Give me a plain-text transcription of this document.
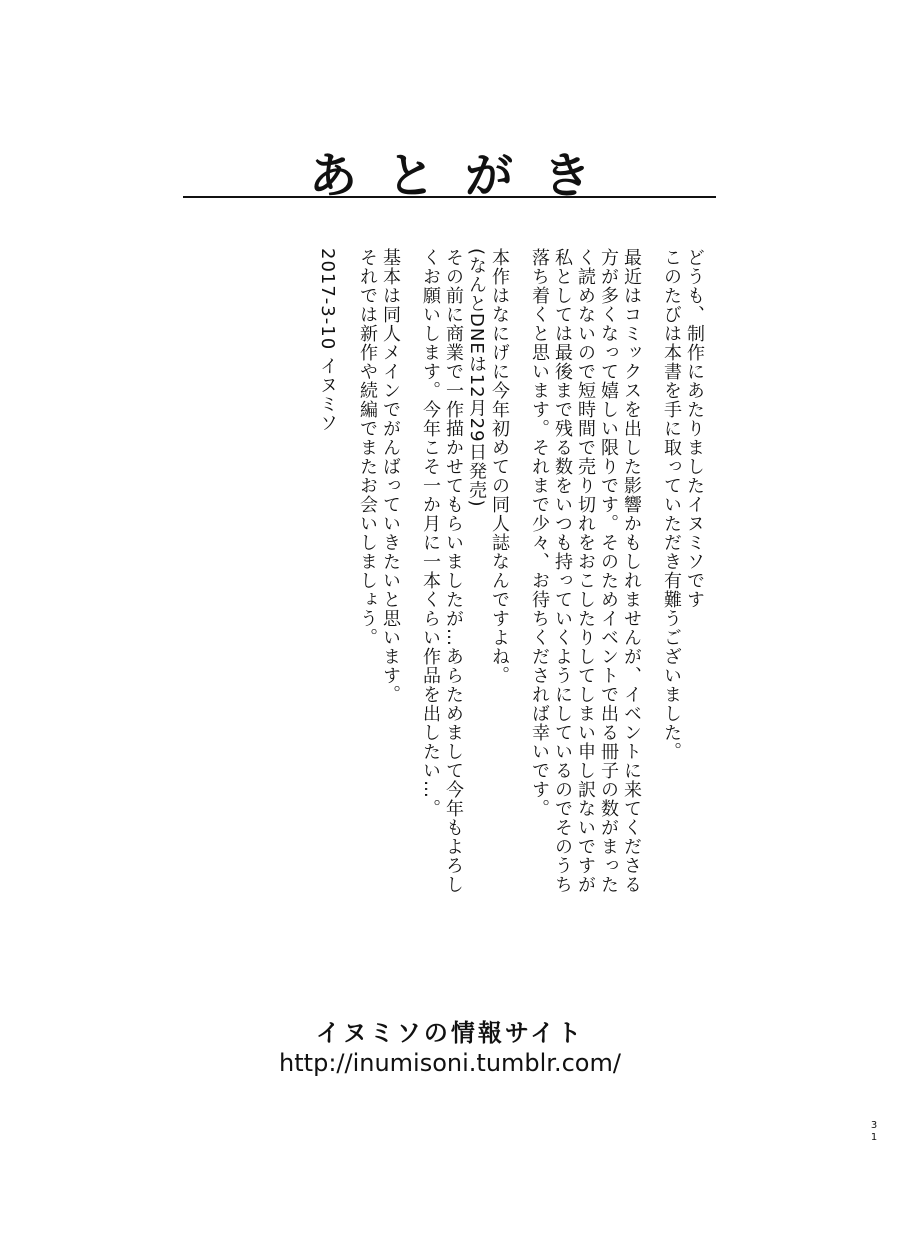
あとがき
どうも、制作にあたりましたイヌミソです
このたびは本書を手に取っていただき有難うございました。
最近はコミックスを出した影響かもしれませんが、イベントに来てくださる
方が多くなって嬉しい限りです。そのためイベントで出る冊子の数がまった
く読めないので短時間で売り切れをおこしたりしてしまい申し訳ないですが
私としては最後まで残る数をいつも持っていくようにしているのでそのうち
落ち着くと思います。それまで少々、お待ちくだされば幸いです。
本作はなにげに今年初めての同人誌なんですよね。
(なんとDNEは12月29日発売)
その前に商業で一作描かせてもらいましたが…あらためまして今年もよろし
くお願いします。今年こそ一か月に一本くらい作品を出したい…。
基本は同人メインでがんばっていきたいと思います。
それでは新作や続編でまたお会いしましょう。
2017-3-10 イヌミソ
イヌミソの情報サイト
http://inumisoni.tumblr.com/
31
